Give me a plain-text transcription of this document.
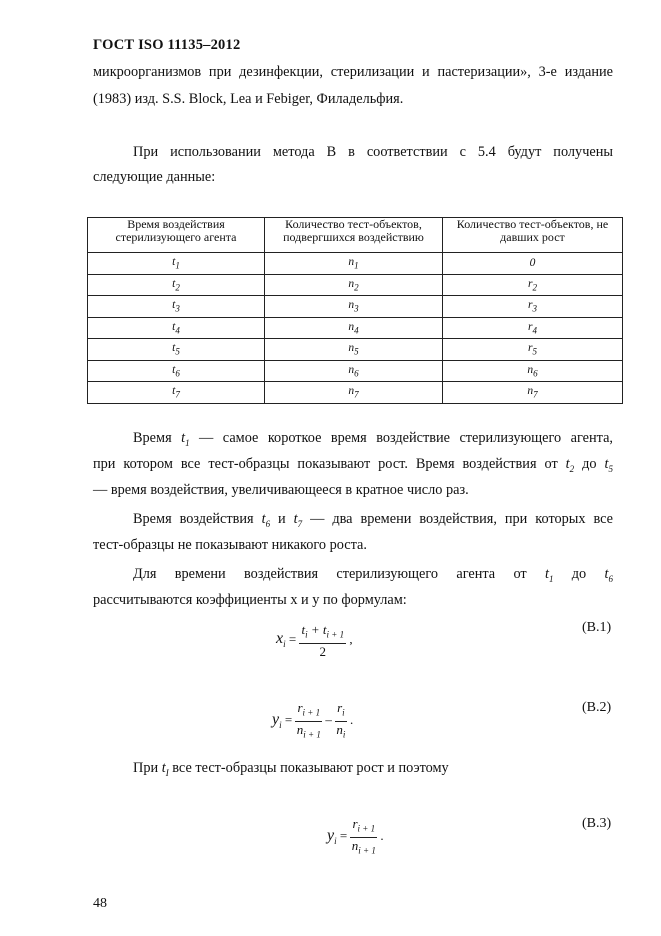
ГОСТ ISO 11135–2012
микроорганизмов при дезинфекции, стерилизации и пастеризации», 3-е издание
(1983) изд. S.S. Block, Lea и Febiger, Филадельфия.
При использовании метода В в соответствии с 5.4 будут получены
следующие данные:
Время воздействия стерилизующего агента	Количество тест-объектов, подвергшихся воздействию	Количество тест-объектов, не давших рост
$t_1$	$n_1$	0
$t_2$	$n_2$	$r_2$
$t_3$	$n_3$	$r_3$
$t_4$	$n_4$	$r_4$
$t_5$	$n_5$	$r_5$
$t_6$	$n_6$	$n_6$
$t_7$	$n_7$	$n_7$
Время $t_1$ — самое короткое время воздействие стерилизующего агента,
при котором все тест-образцы показывают рост. Время воздействия от $t_2$ до $t_5$
— время воздействия, увеличивающееся в кратное число раз.
Время воздействия $t_6$ и $t_7$ — два времени воздействия, при которых все
тест-образцы не показывают никакого роста.
Для времени воздействия стерилизующего агента от $t_1$ до $t_6$
рассчитываются коэффициенты x и y по формулам:
$x_i = \frac{t_i + t_{i + 1}}{2}$ ,
(B.1)
$y_i = \frac{r_{i + 1}}{n_{i + 1}} - \frac{r_i}{n_i}$ .
(B.2)
При $t_I$ все тест-образцы показывают рост и поэтому
$y_i = \frac{r_{i + 1}}{n_{i + 1}}$ .
(B.3)
48
